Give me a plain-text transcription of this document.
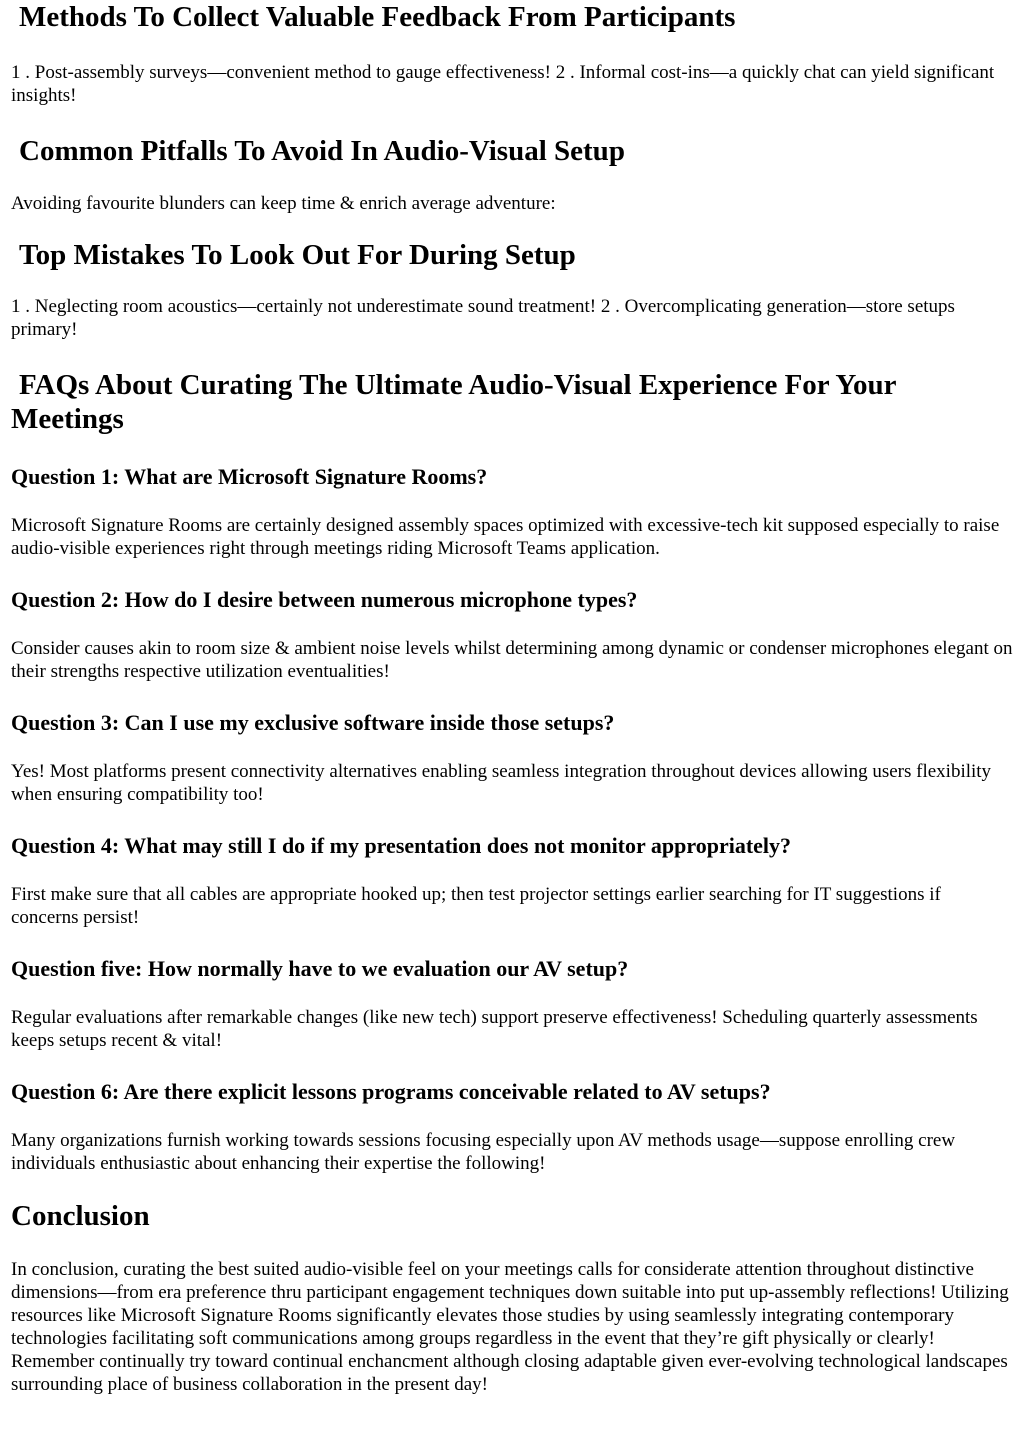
Methods To Collect Valuable Feedback From Participants

1 . Post-assembly surveys—convenient method to gauge effectiveness! 2 . Informal cost-ins—a quickly chat can yield significant insights!

Common Pitfalls To Avoid In Audio-Visual Setup

Avoiding favourite blunders can keep time & enrich average adventure:

Top Mistakes To Look Out For During Setup

1 . Neglecting room acoustics—certainly not underestimate sound treatment! 2 . Overcomplicating generation—store setups primary!

FAQs About Curating The Ultimate Audio-Visual Experience For Your Meetings
Question 1: What are Microsoft Signature Rooms?

Microsoft Signature Rooms are certainly designed assembly spaces optimized with excessive-tech kit supposed especially to raise audio-visible experiences right through meetings riding Microsoft Teams application.

Question 2: How do I desire between numerous microphone types?

Consider causes akin to room size & ambient noise levels whilst determining among dynamic or condenser microphones elegant on their strengths respective utilization eventualities!

Question 3: Can I use my exclusive software inside those setups?

Yes! Most platforms present connectivity alternatives enabling seamless integration throughout devices allowing users flexibility when ensuring compatibility too!

Question 4: What may still I do if my presentation does not monitor appropriately?

First make sure that all cables are appropriate hooked up; then test projector settings earlier searching for IT suggestions if concerns persist!

Question five: How normally have to we evaluation our AV setup?

Regular evaluations after remarkable changes (like new tech) support preserve effectiveness! Scheduling quarterly assessments keeps setups recent & vital!

Question 6: Are there explicit lessons programs conceivable related to AV setups?

Many organizations furnish working towards sessions focusing especially upon AV methods usage—suppose enrolling crew individuals enthusiastic about enhancing their expertise the following!

Conclusion

In conclusion, curating the best suited audio-visible feel on your meetings calls for considerate attention throughout distinctive dimensions—from era preference thru participant engagement techniques down suitable into put up-assembly reflections! Utilizing resources like Microsoft Signature Rooms significantly elevates those studies by using seamlessly integrating contemporary technologies facilitating soft communications among groups regardless in the event that they’re gift physically or clearly! Remember continually try toward continual enchancment although closing adaptable given ever-evolving technological landscapes surrounding place of business collaboration in the present day!
